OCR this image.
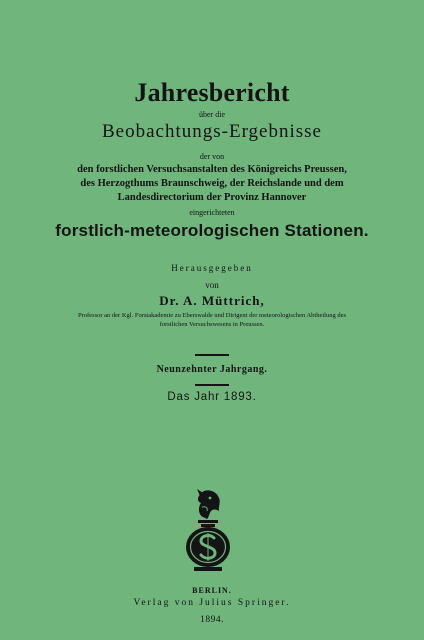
Jahresbericht
über die
Beobachtungs-Ergebnisse
der von
den forstlichen Versuchsanstalten des Königreichs Preussen,
des Herzogthums Braunschweig, der Reichslande und dem
Landesdirectorium der Provinz Hannover
eingerichteten
forstlich-meteorologischen Stationen.
Herausgegeben
von
Dr. A. Müttrich,
Professor an der Kgl. Forstakademie zu Eberswalde und Dirigent der meteorologischen Abtheilung des
forstlichen Versuchswesens in Preussen.
Neunzehnter Jahrgang.
Das Jahr 1893.
BERLIN.
Verlag von Julius Springer.
1894.
